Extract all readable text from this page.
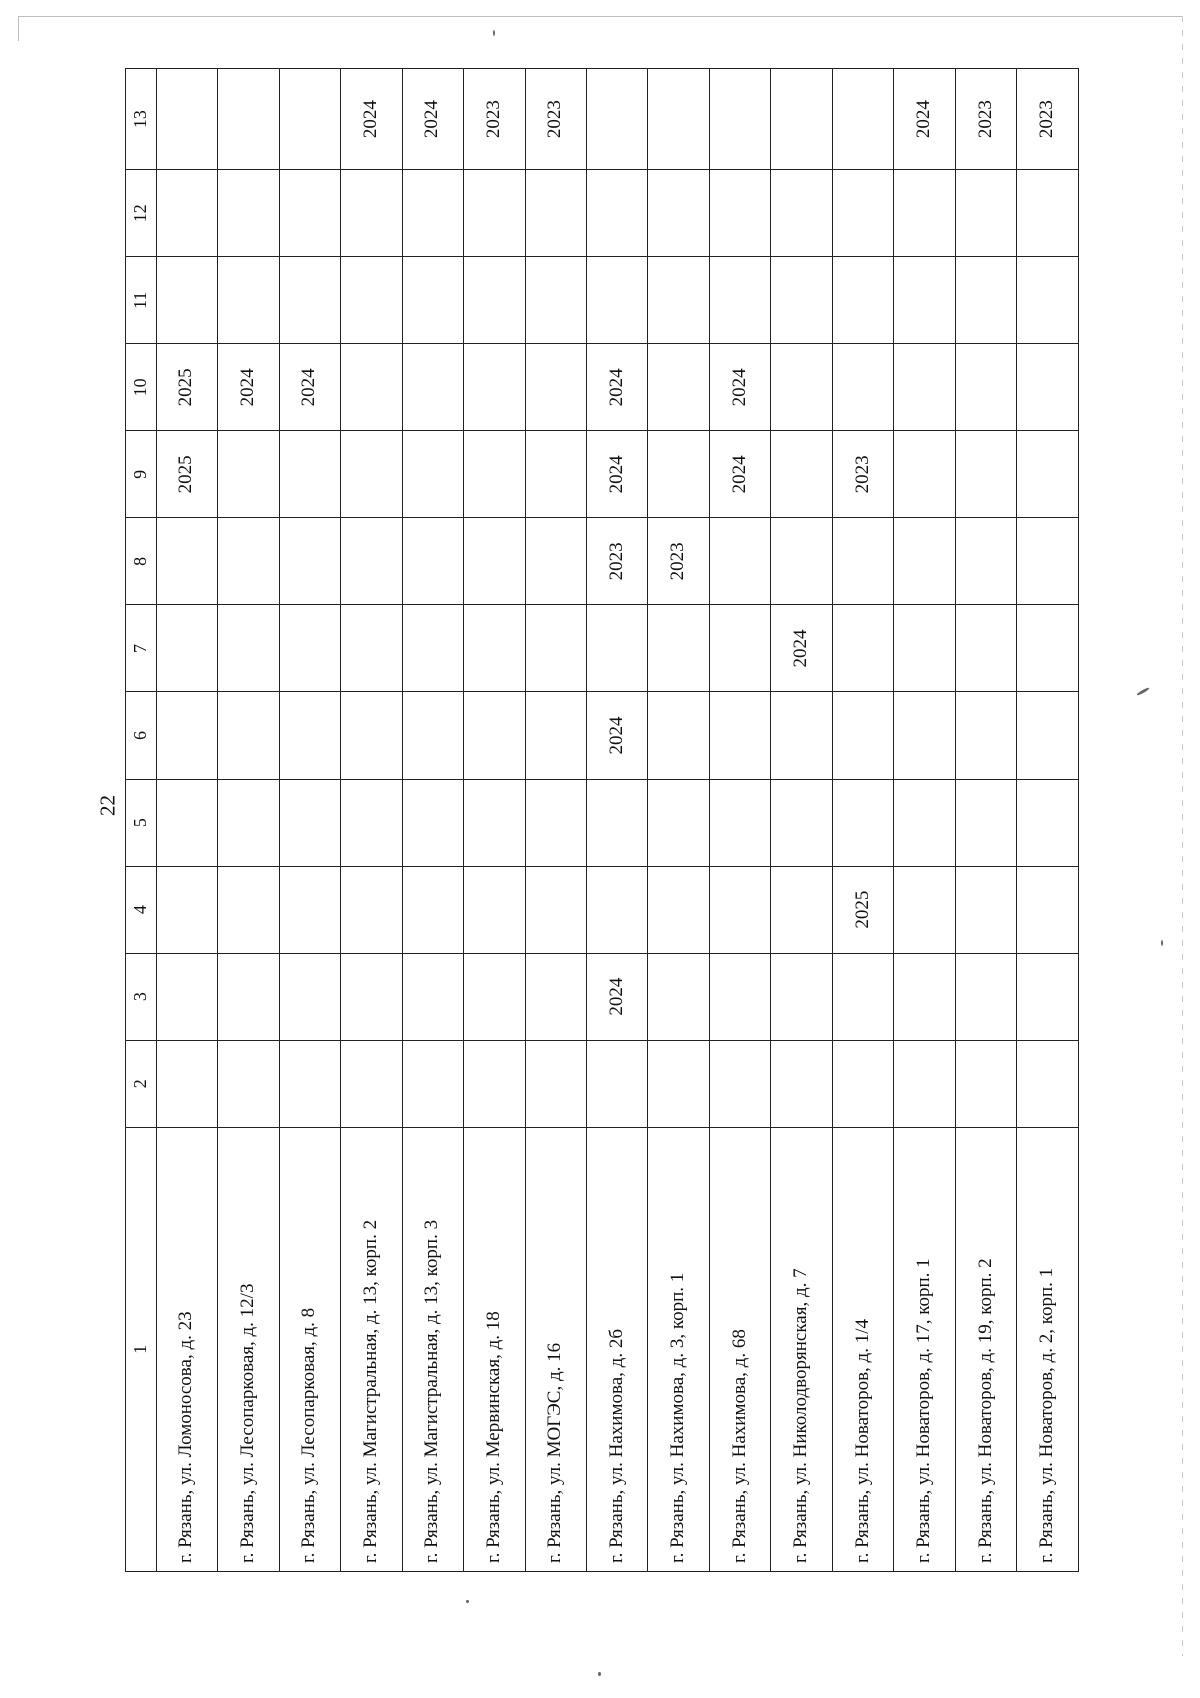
22
1	2	3	4	5	6	7	8	9	10	11	12	13
г. Рязань, ул. Ломоносова, д. 23								2025	2025			
г. Рязань, ул. Лесопарковая, д. 12/3									2024			
г. Рязань, ул. Лесопарковая, д. 8									2024			
г. Рязань, ул. Магистральная, д. 13, корп. 2												2024
г. Рязань, ул. Магистральная, д. 13, корп. 3												2024
г. Рязань, ул. Мервинская, д. 18												2023
г. Рязань, ул. МОГЭС, д. 16												2023
г. Рязань, ул. Нахимова, д. 2б		2024			2024		2023	2024	2024			
г. Рязань, ул. Нахимова, д. 3, корп. 1							2023					
г. Рязань, ул. Нахимова, д. 68								2024	2024			
г. Рязань, ул. Николодворянская, д. 7						2024						
г. Рязань, ул. Новаторов, д. 1/4			2025					2023				
г. Рязань, ул. Новаторов, д. 17, корп. 1												2024
г. Рязань, ул. Новаторов, д. 19, корп. 2												2023
г. Рязань, ул. Новаторов, д. 2, корп. 1												2023
